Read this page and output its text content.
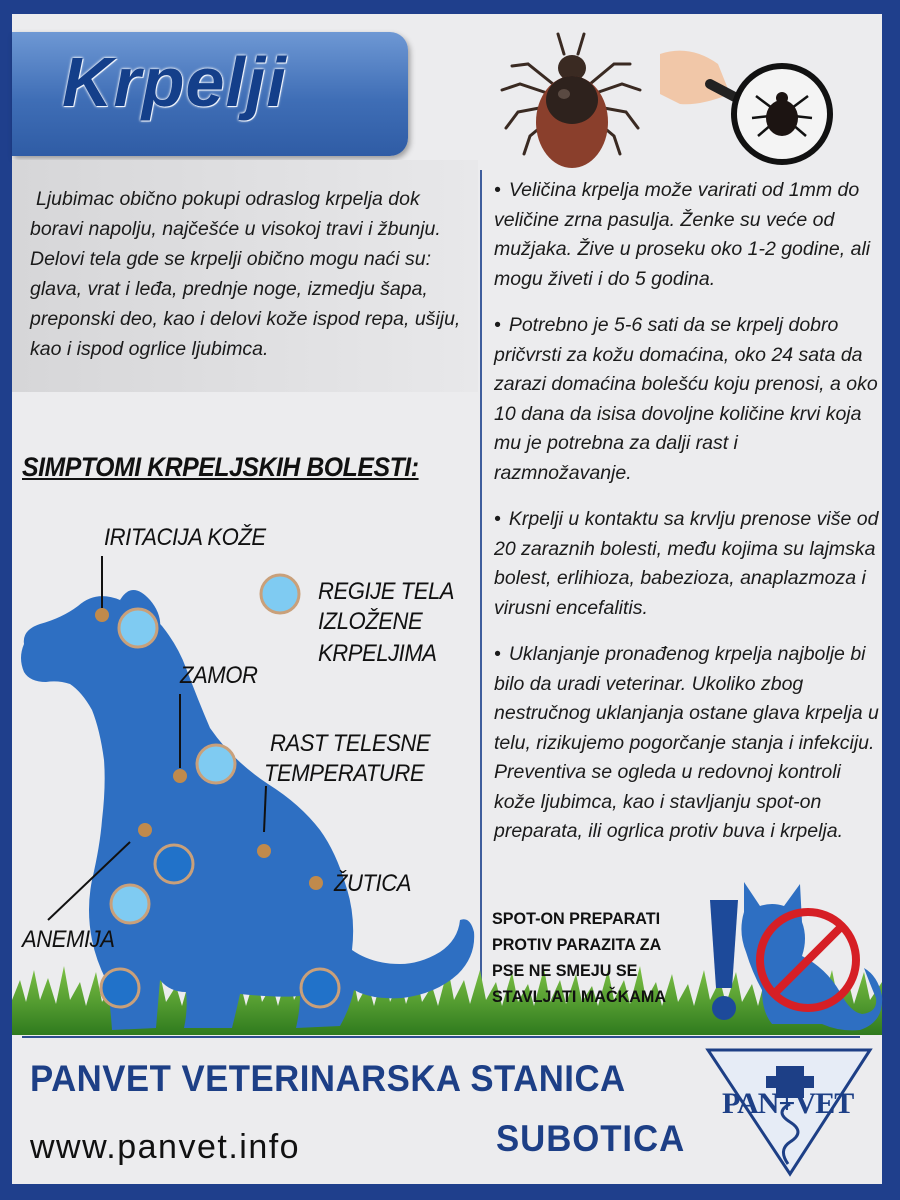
Krpelji
Ljubimac obično pokupi odraslog krpelja dok boravi napolju, najčešće u visokoj travi i žbunju. Delovi tela gde se krpelji obično mogu naći su: glava, vrat i leđa, prednje noge, izmedju šapa, preponski deo, kao i delovi kože ispod repa, ušiju, kao i ispod ogrlice ljubimca.

• Veličina krpelja može varirati od 1mm do veličine zrna pasulja. Ženke su veće od mužjaka. Žive u proseku oko 1-2 godine, ali mogu živeti i do 5 godina.

• Potrebno je 5-6 sati da se krpelj dobro pričvrsti za kožu domaćina, oko 24 sata da zarazi domaćina bolešću koju prenosi, a oko 10 dana da isisa dovoljne količine krvi koja mu je potrebna za dalji rast i razmnožavanje.

• Krpelji u kontaktu sa krvlju prenose više od 20 zaraznih bolesti, među kojima su lajmska bolest, erlihioza, babezioza, anaplazmoza i virusni encefalitis.

• Uklanjanje pronađenog krpelja najbolje bi bilo da uradi veterinar. Ukoliko zbog nestručnog uklanjanja ostane glava krpelja u telu, rizikujemo pogorčanje stanja i infekciju. Preventiva se ogleda u redovnoj kontroli kože ljubimca, kao i stavljanju spot-on preparata, ili ogrlica protiv buva i krpelja.

SIMPTOMI KRPELJSKIH BOLESTI:
IRITACIJA KOŽE
REGIJE TELA
IZLOŽENE
KRPELJIMA
ZAMOR
RAST TELESNE
TEMPERATURE
ŽUTICA
ANEMIJA
SPOT-ON PREPARATI
PROTIV PARAZITA ZA
PSE NE SMEJU SE
STAVLJATI MAČKAMA
PANVET VETERINARSKA STANICA
SUBOTICA
www.panvet.info
PAN+VET
